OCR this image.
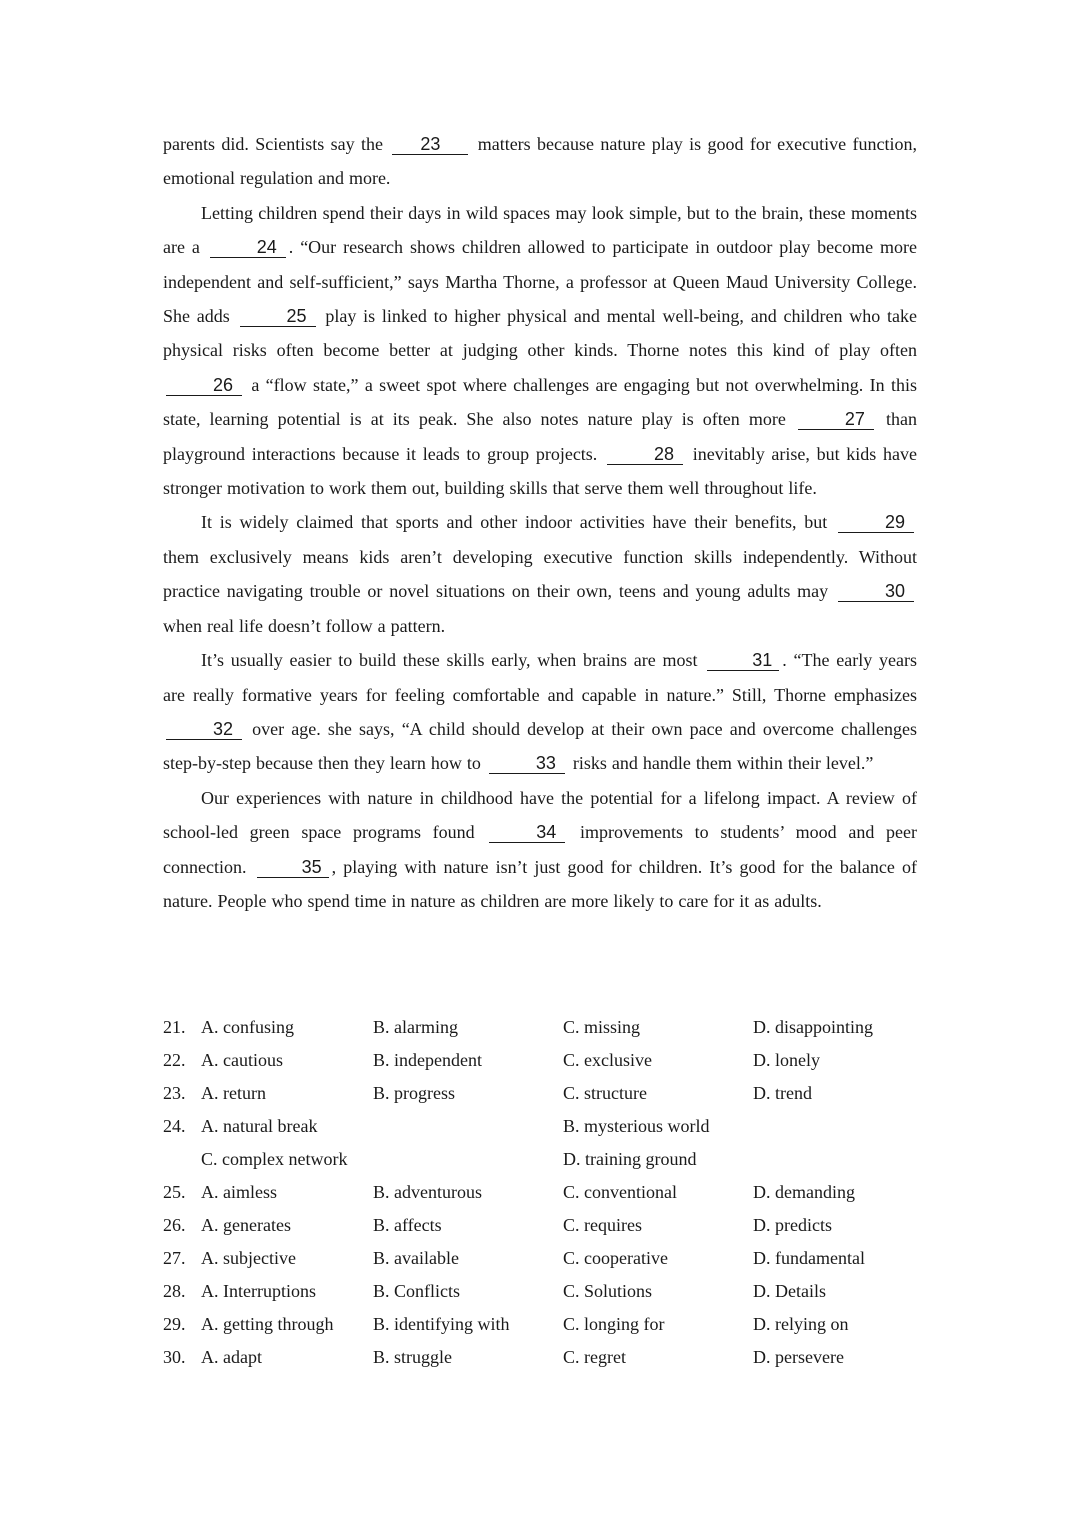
parents did. Scientists say the 23 matters because nature play is good for executive function, emotional regulation and more.

Letting children spend their days in wild spaces may look simple, but to the brain, these moments are a	24 . “Our research shows children allowed to participate in outdoor play become more independent and self-sufficient,” says Martha Thorne, a professor at Queen Maud University College. She adds	25 play is linked to higher physical and mental well-being, and children who take physical risks often become better at judging other kinds. Thorne notes this kind of play often 26 a “flow state,” a sweet spot where challenges are engaging but not overwhelming. In this state, learning potential is at its peak. She also notes nature play is often more	27 than playground interactions because it leads to group projects.	28 inevitably arise, but kids have stronger motivation to work them out, building skills that serve them well throughout life.

It is widely claimed that sports and other indoor activities have their benefits, but	29 them exclusively means kids aren’t developing executive function skills independently. Without practice navigating trouble or novel situations on their own, teens and young adults may	30 when real life doesn’t follow a pattern.

It’s usually easier to build these skills early, when brains are most	31 . “The early years are really formative years for feeling comfortable and capable in nature.” Still, Thorne emphasizes 32 over age. she says, “A child should develop at their own pace and overcome challenges step-by-step because then they learn how to	33 risks and handle them within their level.”

Our experiences with nature in childhood have the potential for a lifelong impact. A review of school-led green space programs found	34 improvements to students’ mood and peer connection.	35 , playing with nature isn’t just good for children. It’s good for the balance of nature. People who spend time in nature as children are more likely to care for it as adults.

21. A. confusing	B. alarming	C. missing	D. disappointing
22. A. cautious	B. independent	C. exclusive	D. lonely
23. A. return	B. progress	C. structure	D. trend
24. A. natural break	B. mysterious world
C. complex network	D. training ground
25. A. aimless	B. adventurous	C. conventional	D. demanding
26. A. generates	B. affects	C. requires	D. predicts
27. A. subjective	B. available	C. cooperative	D. fundamental
28. A. Interruptions	B. Conflicts	C. Solutions	D. Details
29. A. getting through B. identifying with	C. longing for	D. relying on
30. A. adapt	B. struggle	C. regret	D. persevere
